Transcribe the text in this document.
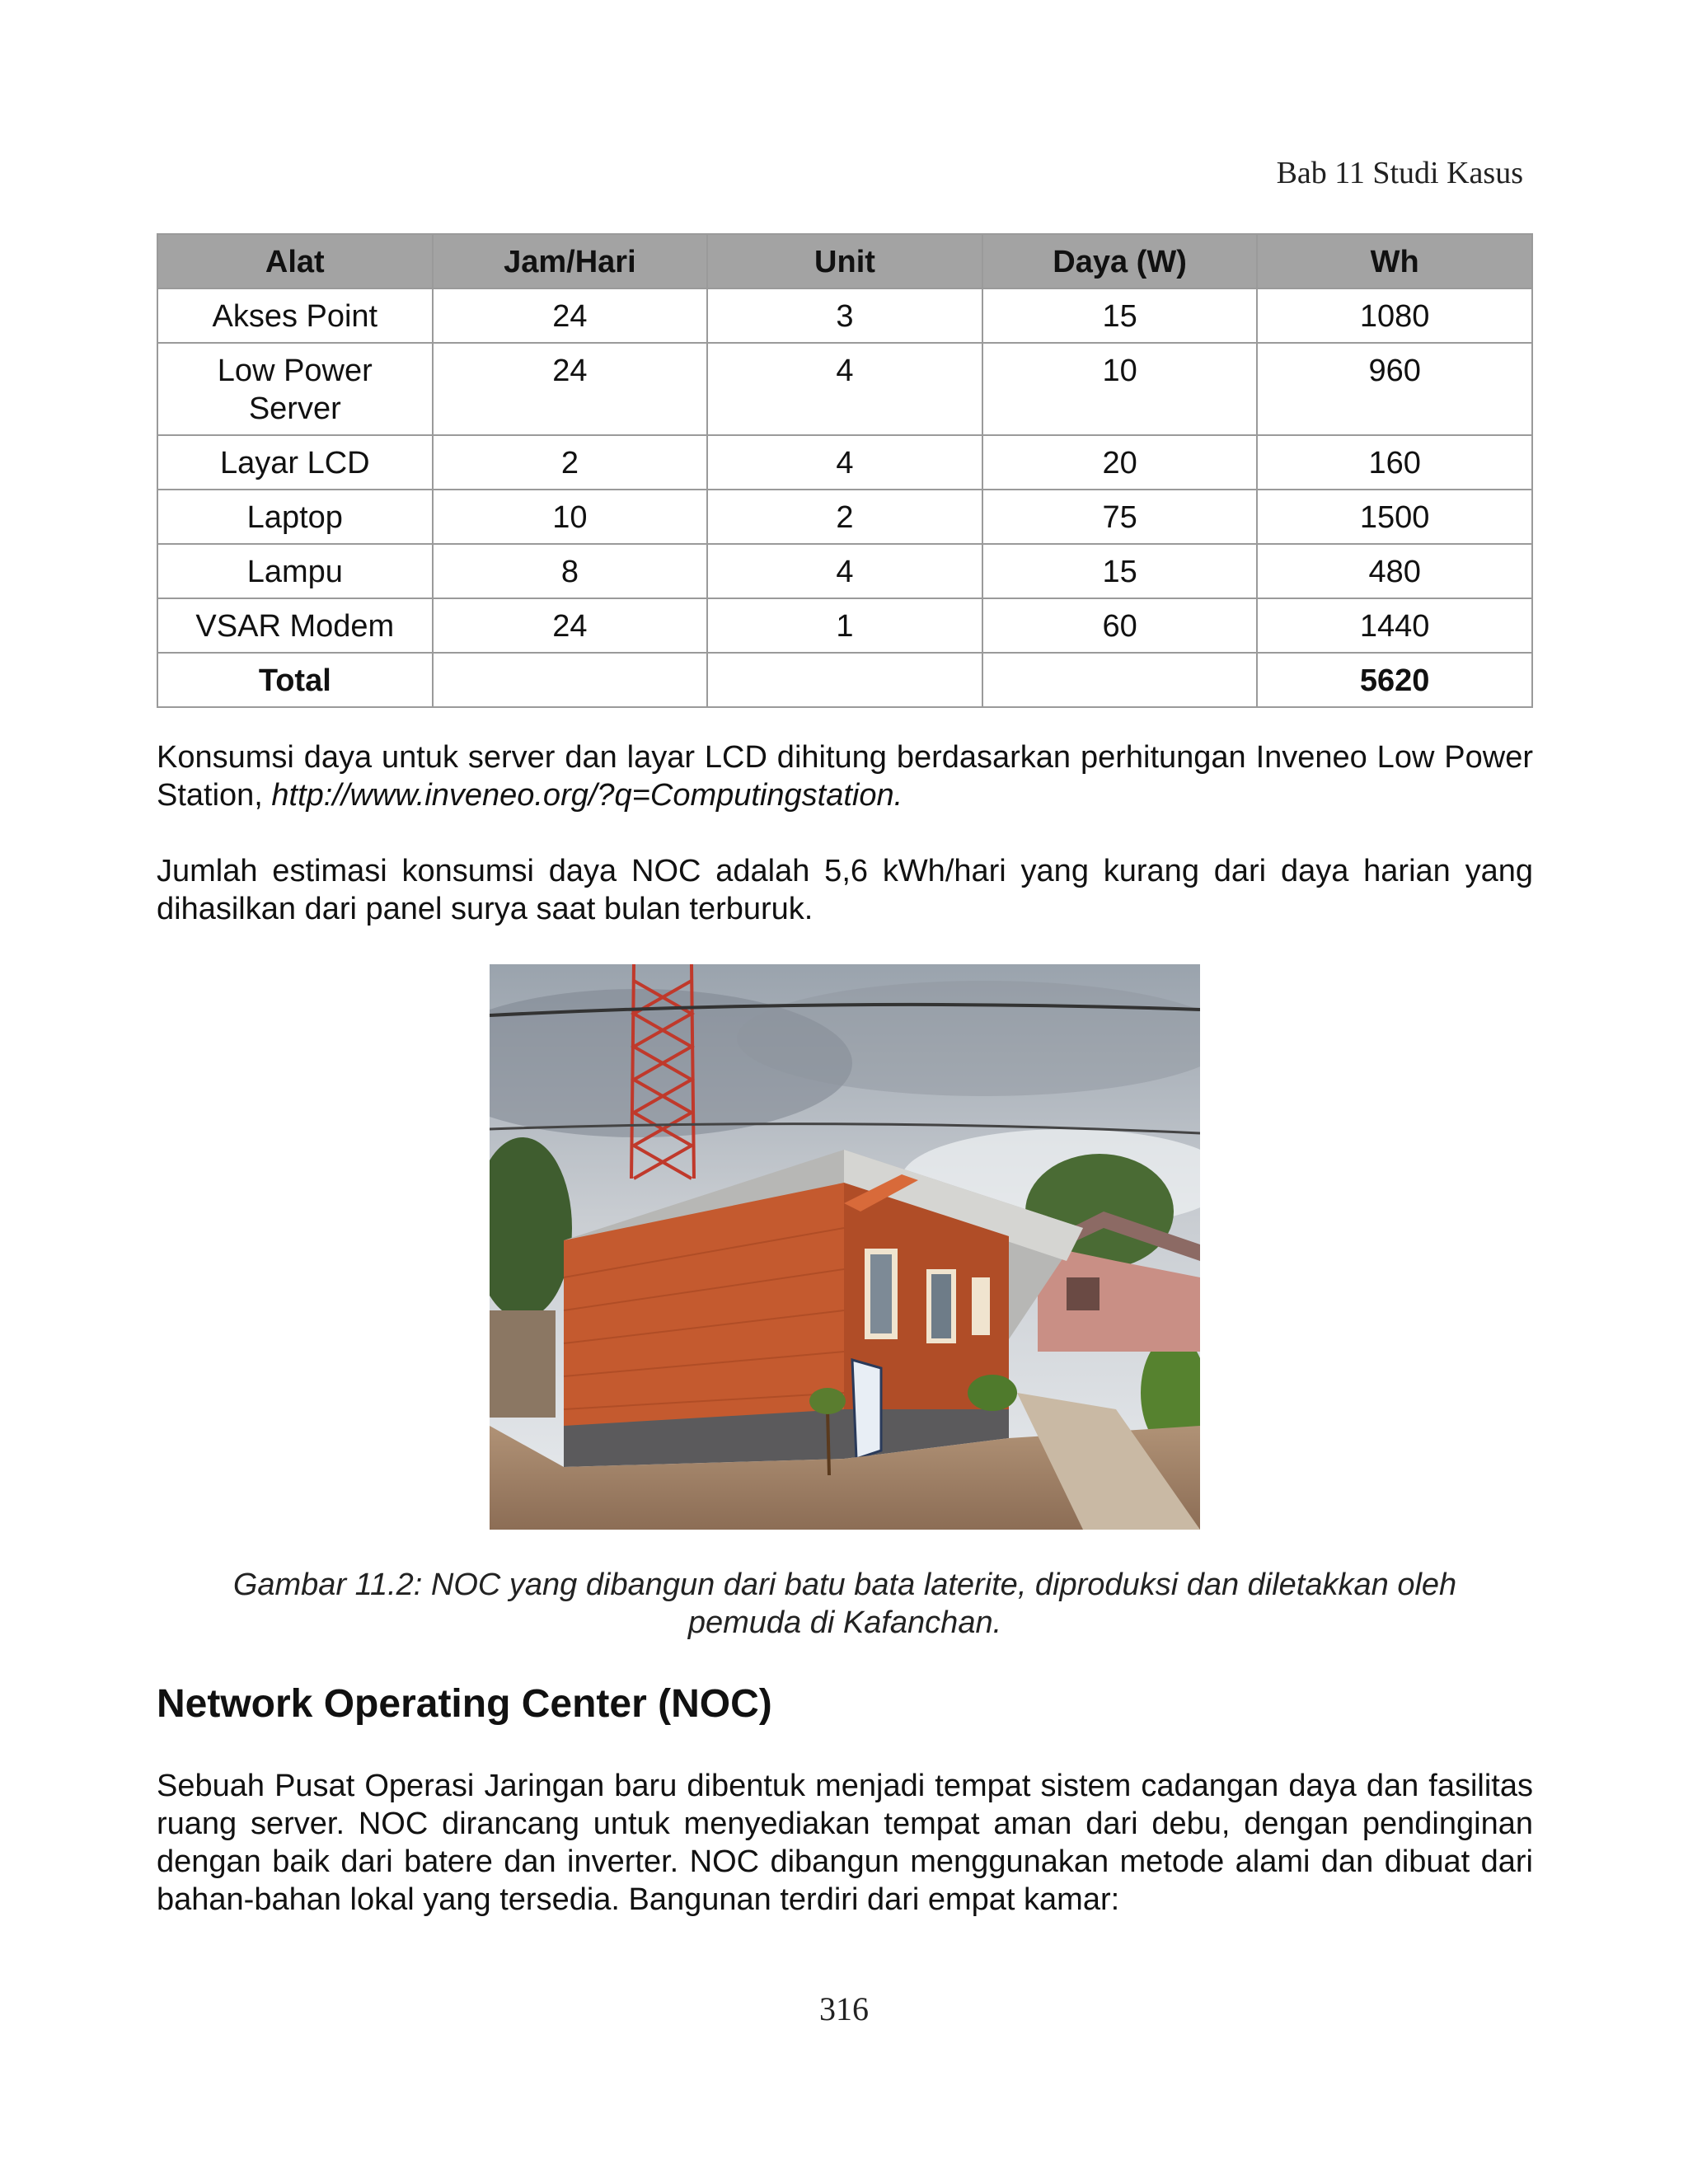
Bab 11 Studi Kasus
Alat	Jam/Hari	Unit	Daya (W)	Wh
Akses Point	24	3	15	1080
Low Power Server	24	4	10	960
Layar LCD	2	4	20	160
Laptop	10	2	75	1500
Lampu	8	4	15	480
VSAR Modem	24	1	60	1440
Total				5620

Konsumsi daya untuk server dan layar LCD dihitung berdasarkan perhitungan Inveneo Low Power Station, http://www.inveneo.org/?q=Computingstation.

Jumlah estimasi konsumsi daya NOC adalah 5,6 kWh/hari yang kurang dari daya harian yang dihasilkan dari panel surya saat bulan terburuk.

Gambar 11.2: NOC yang dibangun dari batu bata laterite, diproduksi dan diletakkan oleh
pemuda di Kafanchan.
Network Operating Center (NOC)

Sebuah Pusat Operasi Jaringan baru dibentuk menjadi tempat sistem cadangan daya dan fasilitas ruang server. NOC dirancang untuk menyediakan tempat aman dari debu, dengan pendinginan dengan baik dari batere dan inverter. NOC dibangun menggunakan metode alami dan dibuat dari bahan-bahan lokal yang tersedia. Bangunan terdiri dari empat kamar:

316
